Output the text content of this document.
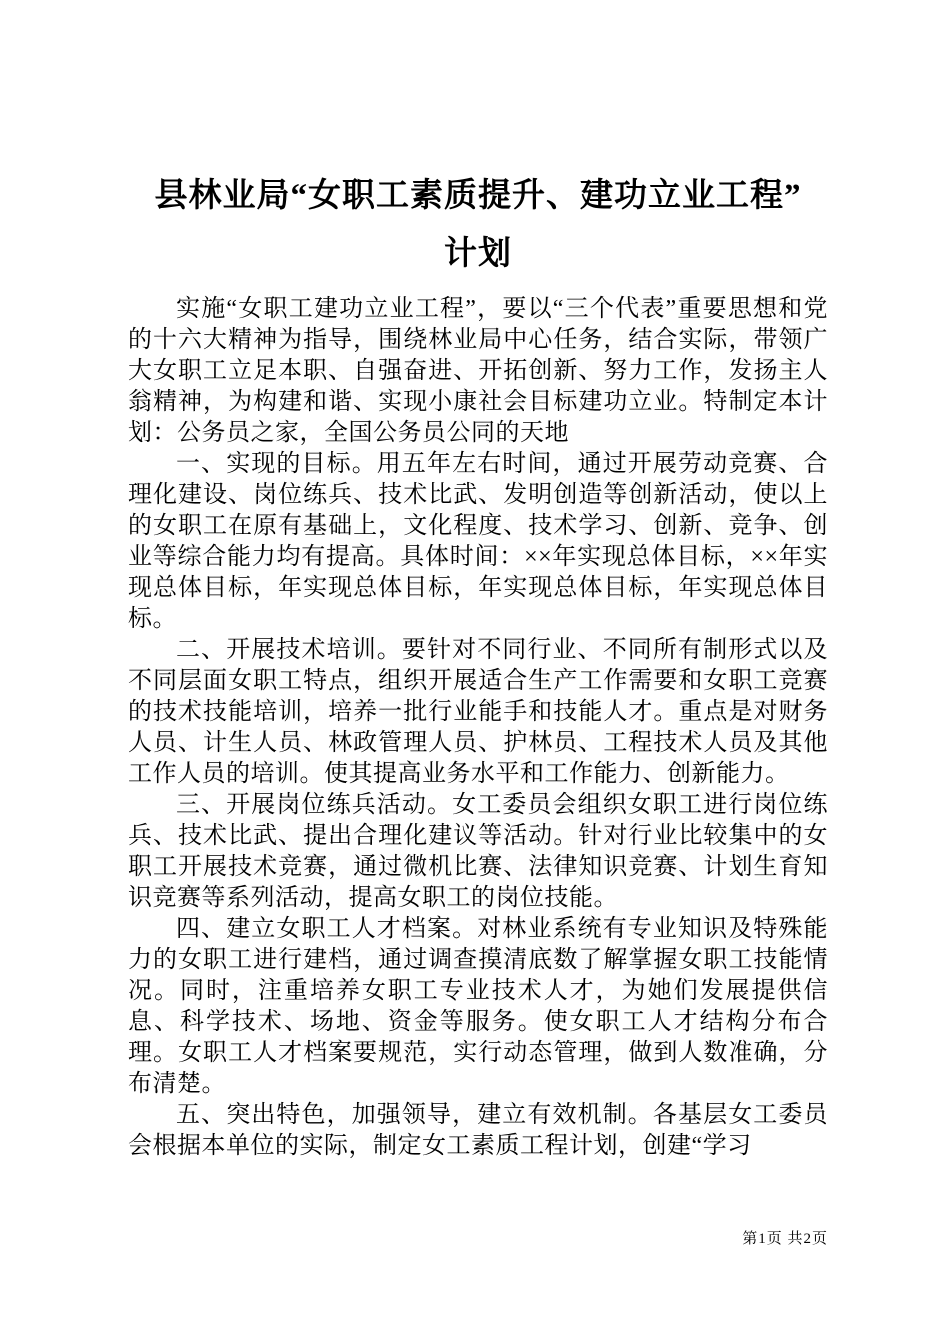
县林业局“女职工素质提升、建功立业工程”
计划

实施“女职工建功立业工程”，要以“三个代表”重要思想和党的十六大精神为指导，围绕林业局中心任务，结合实际，带领广大女职工立足本职、自强奋进、开拓创新、努力工作，发扬主人翁精神，为构建和谐、实现小康社会目标建功立业。特制定本计划：公务员之家，全国公务员公同的天地

一、实现的目标。用五年左右时间，通过开展劳动竞赛、合理化建设、岗位练兵、技术比武、发明创造等创新活动，使以上的女职工在原有基础上，文化程度、技术学习、创新、竞争、创业等综合能力均有提高。具体时间：××年实现总体目标，××年实现总体目标，年实现总体目标，年实现总体目标，年实现总体目标。

二、开展技术培训。要针对不同行业、不同所有制形式以及不同层面女职工特点，组织开展适合生产工作需要和女职工竞赛的技术技能培训，培养一批行业能手和技能人才。重点是对财务人员、计生人员、林政管理人员、护林员、工程技术人员及其他工作人员的培训。使其提高业务水平和工作能力、创新能力。

三、开展岗位练兵活动。女工委员会组织女职工进行岗位练兵、技术比武、提出合理化建议等活动。针对行业比较集中的女职工开展技术竞赛，通过微机比赛、法律知识竞赛、计划生育知识竞赛等系列活动，提高女职工的岗位技能。

四、建立女职工人才档案。对林业系统有专业知识及特殊能力的女职工进行建档，通过调查摸清底数了解掌握女职工技能情况。同时，注重培养女职工专业技术人才，为她们发展提供信息、科学技术、场地、资金等服务。使女职工人才结构分布合理。女职工人才档案要规范，实行动态管理，做到人数准确，分布清楚。

五、突出特色，加强领导，建立有效机制。各基层女工委员会根据本单位的实际，制定女工素质工程计划，创建“学习

第1页 共2页
